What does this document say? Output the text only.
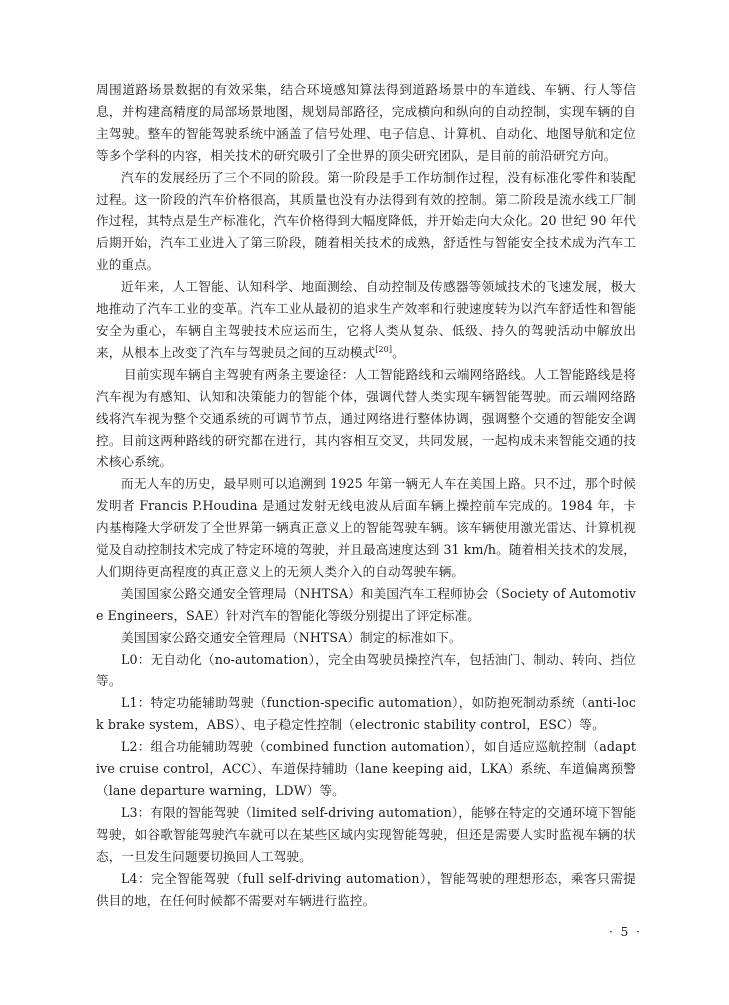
周围道路场景数据的有效采集，结合环境感知算法得到道路场景中的车道线、车辆、行人等信息，并构建高精度的局部场景地图，规划局部路径，完成横向和纵向的自动控制，实现车辆的自主驾驶。整车的智能驾驶系统中涵盖了信号处理、电子信息、计算机、自动化、地图导航和定位等多个学科的内容，相关技术的研究吸引了全世界的顶尖研究团队，是目前的前沿研究方向。

汽车的发展经历了三个不同的阶段。第一阶段是手工作坊制作过程，没有标准化零件和装配过程。这一阶段的汽车价格很高，其质量也没有办法得到有效的控制。第二阶段是流水线工厂制作过程，其特点是生产标准化，汽车价格得到大幅度降低，并开始走向大众化。20 世纪 90 年代后期开始，汽车工业进入了第三阶段，随着相关技术的成熟，舒适性与智能安全技术成为汽车工业的重点。

近年来，人工智能、认知科学、地面测绘、自动控制及传感器等领域技术的飞速发展，极大地推动了汽车工业的变革。汽车工业从最初的追求生产效率和行驶速度转为以汽车舒适性和智能安全为重心，车辆自主驾驶技术应运而生，它将人类从复杂、低级、持久的驾驶活动中解放出来，从根本上改变了汽车与驾驶员之间的互动模式[20]。

目前实现车辆自主驾驶有两条主要途径：人工智能路线和云端网络路线。人工智能路线是将汽车视为有感知、认知和决策能力的智能个体，强调代替人类实现车辆智能驾驶。而云端网络路线将汽车视为整个交通系统的可调节节点，通过网络进行整体协调，强调整个交通的智能安全调控。目前这两种路线的研究都在进行，其内容相互交叉，共同发展，一起构成未来智能交通的技术核心系统。

而无人车的历史，最早则可以追溯到 1925 年第一辆无人车在美国上路。只不过，那个时候发明者 Francis P.Houdina 是通过发射无线电波从后面车辆上操控前车完成的。1984 年，卡内基梅隆大学研发了全世界第一辆真正意义上的智能驾驶车辆。该车辆使用激光雷达、计算机视觉及自动控制技术完成了特定环境的驾驶，并且最高速度达到 31 km/h。随着相关技术的发展，人们期待更高程度的真正意义上的无须人类介入的自动驾驶车辆。

美国国家公路交通安全管理局（NHTSA）和美国汽车工程师协会（Society of Automotive Engineers，SAE）针对汽车的智能化等级分别提出了评定标准。

美国国家公路交通安全管理局（NHTSA）制定的标准如下。

L0：无自动化（no-automation），完全由驾驶员操控汽车，包括油门、制动、转向、挡位等。

L1：特定功能辅助驾驶（function-specific automation），如防抱死制动系统（anti-lock brake system，ABS）、电子稳定性控制（electronic stability control，ESC）等。

L2：组合功能辅助驾驶（combined function automation），如自适应巡航控制（adaptive cruise control，ACC）、车道保持辅助（lane keeping aid，LKA）系统、车道偏离预警（lane departure warning，LDW）等。

L3：有限的智能驾驶（limited self-driving automation），能够在特定的交通环境下智能驾驶，如谷歌智能驾驶汽车就可以在某些区域内实现智能驾驶，但还是需要人实时监视车辆的状态，一旦发生问题要切换回人工驾驶。

L4：完全智能驾驶（full self-driving automation），智能驾驶的理想形态，乘客只需提供目的地，在任何时候都不需要对车辆进行监控。

· 5 ·
